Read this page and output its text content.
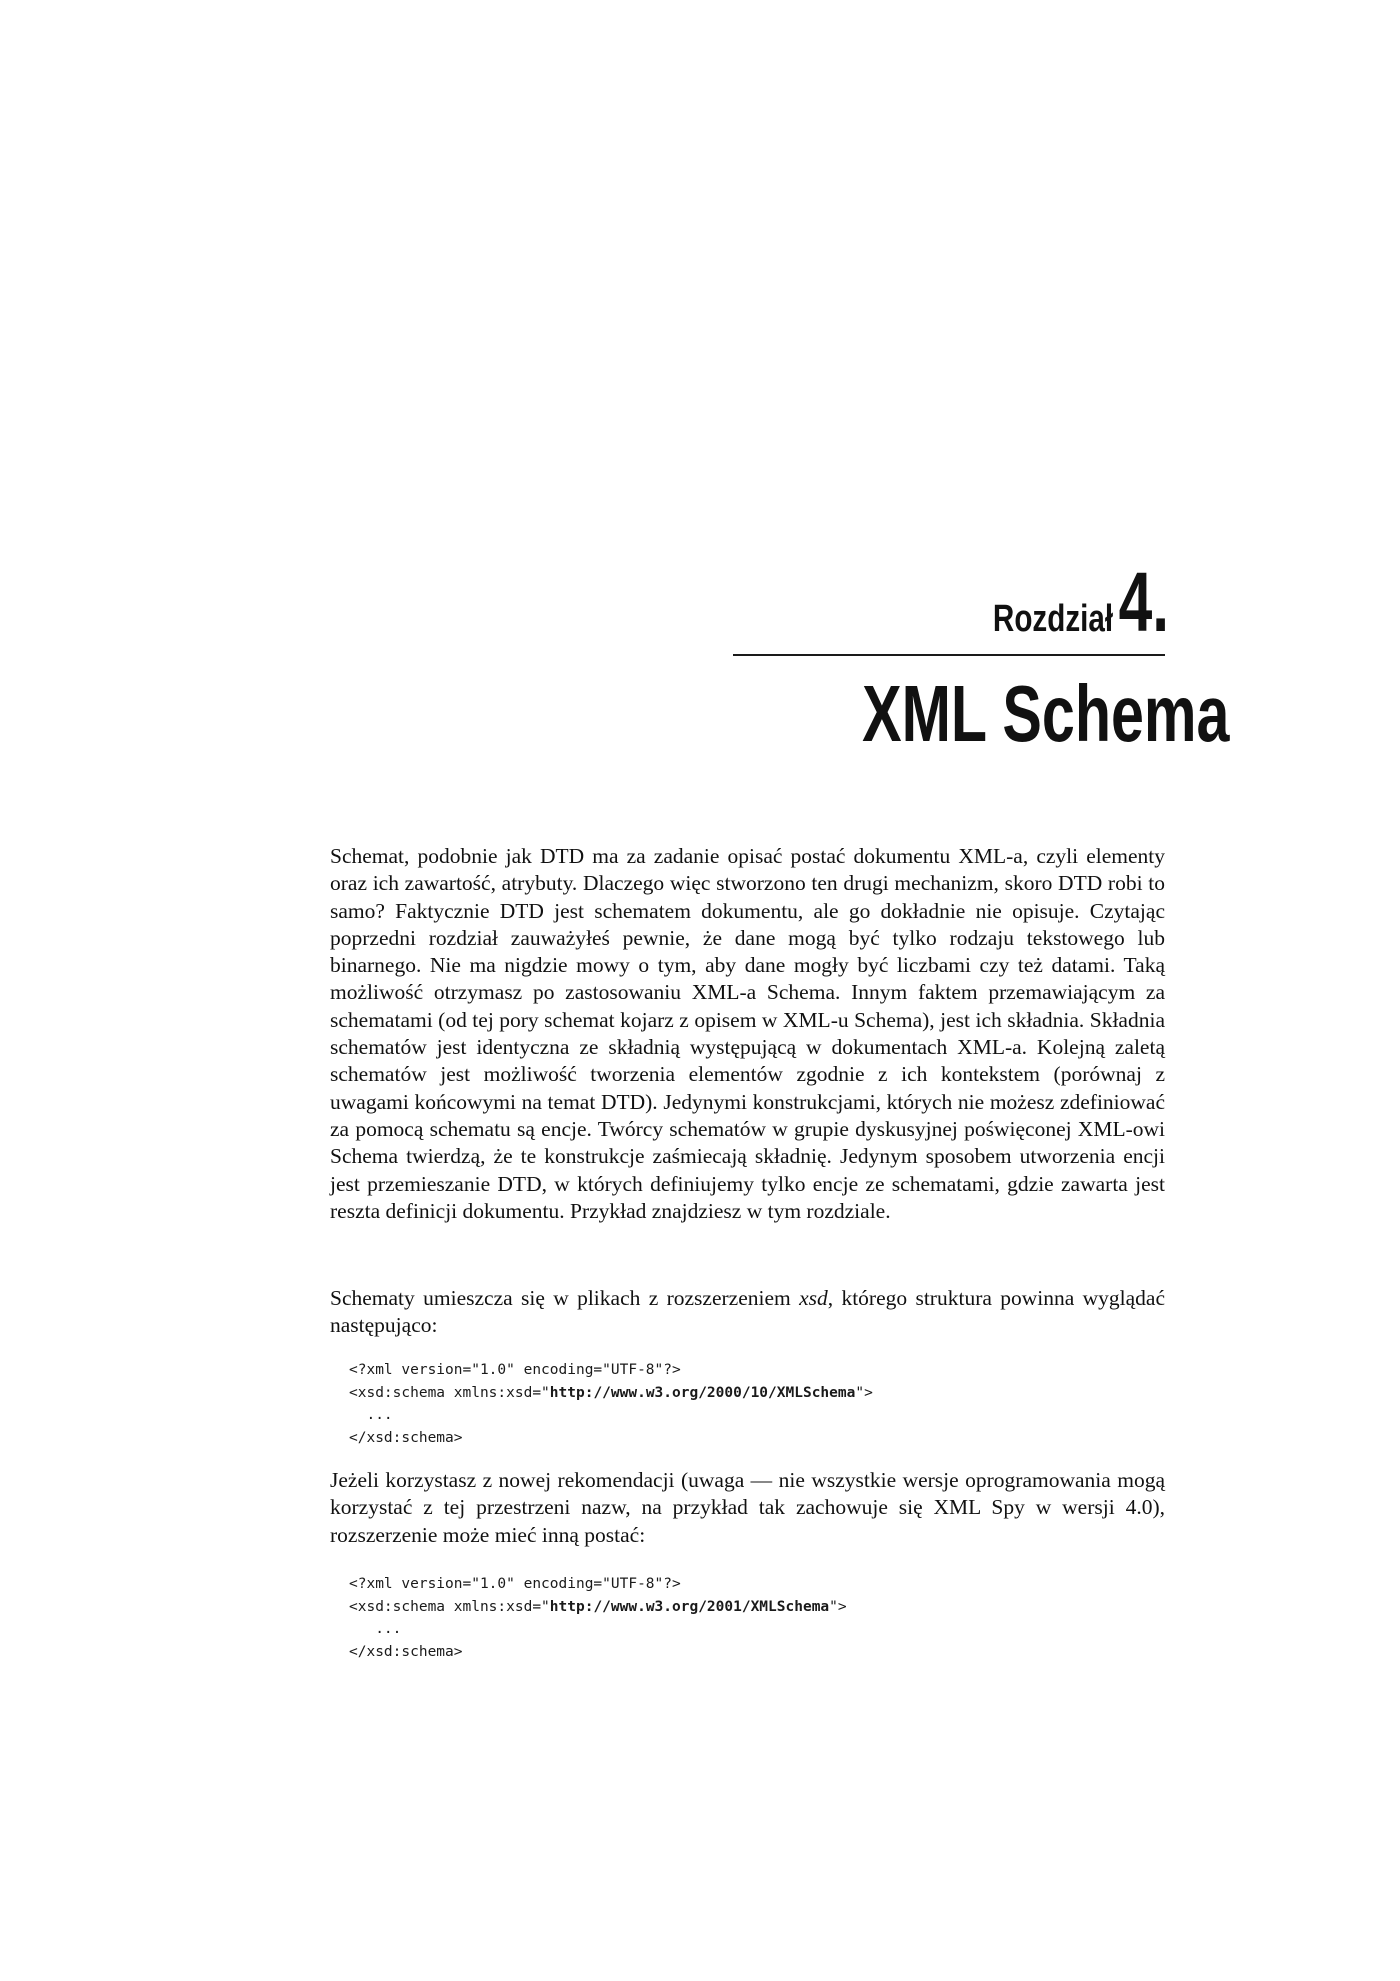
Rozdział4.
XML Schema

Schemat, podobnie jak DTD ma za zadanie opisać postać dokumentu XML-a, czyli elementy oraz ich zawartość, atrybuty. Dlaczego więc stworzono ten drugi mechanizm, skoro DTD robi to samo? Faktycznie DTD jest schematem dokumentu, ale go dokładnie nie opisuje. Czytając poprzedni rozdział zauważyłeś pewnie, że dane mogą być tylko rodzaju tekstowego lub binarnego. Nie ma nigdzie mowy o tym, aby dane mogły być liczbami czy też datami. Taką możliwość otrzymasz po zastosowaniu XML-a Schema. Innym faktem przemawiającym za schematami (od tej pory schemat kojarz z opisem w XML-u Schema), jest ich składnia. Składnia schematów jest identyczna ze składnią występującą w dokumentach XML-a. Kolejną zaletą schematów jest możliwość tworzenia elementów zgodnie z ich kontekstem (porównaj z uwagami końcowymi na temat DTD). Jedynymi konstrukcjami, których nie możesz zdefiniować za pomocą schematu są encje. Twórcy schematów w grupie dyskusyjnej poświęconej XML-owi Schema twierdzą, że te konstrukcje zaśmiecają składnię. Jedynym sposobem utworzenia encji jest przemieszanie DTD, w których definiujemy tylko encje ze schematami, gdzie zawarta jest reszta definicji dokumentu. Przykład znajdziesz w tym rozdziale.

Schematy umieszcza się w plikach z rozszerzeniem xsd, którego struktura powinna wyglądać następująco:

<?xml version="1.0" encoding="UTF-8"?>
<xsd:schema xmlns:xsd="http://www.w3.org/2000/10/XMLSchema">
...
</xsd:schema>

Jeżeli korzystasz z nowej rekomendacji (uwaga — nie wszystkie wersje oprogramowania mogą korzystać z tej przestrzeni nazw, na przykład tak zachowuje się XML Spy w wersji 4.0), rozszerzenie może mieć inną postać:

<?xml version="1.0" encoding="UTF-8"?>
<xsd:schema xmlns:xsd="http://www.w3.org/2001/XMLSchema">
...
</xsd:schema>
